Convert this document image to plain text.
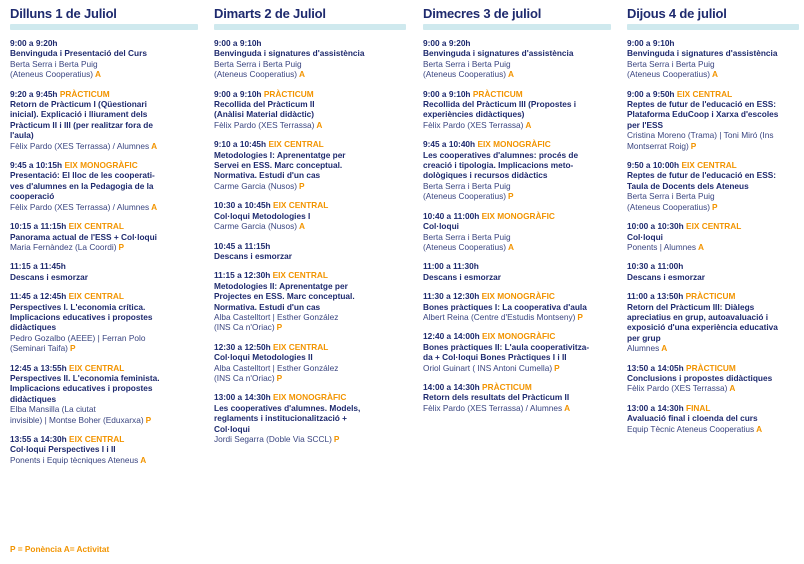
Dilluns 1 de Juliol
9:00 a 9:20h
Benvinguda i Presentació del Curs
Berta Serra i Berta Puig
(Ateneus Cooperatius) A
9:20 a 9:45h PRÀCTICUM
Retorn de Pràcticum I (Qüestionari
inicial). Explicació i lliurament dels
Pràcticum II i III (per realitzar fora de
l'aula)
Fèlix Pardo (XES Terrassa) / Alumnes A
9:45 a 10:15h EIX MONOGRÀFIC
Presentació: El lloc de les cooperati-
ves d'alumnes en la Pedagogia de la
cooperació
Fèlix Pardo (XES Terrassa) / Alumnes A
10:15 a 11:15h EIX CENTRAL
Panorama actual de l'ESS + Col·loqui
Maria Fernàndez (La Coordi) P
11:15 a 11:45h
Descans i esmorzar
11:45 a 12:45h EIX CENTRAL
Perspectives I. L'economia crítica.
Implicacions educatives i propostes
didàctiques
Pedro Gozalbo (AEEE) | Ferran Polo
(Seminari Taifa) P
12:45 a 13:55h EIX CENTRAL
Perspectives II. L'economia feminista.
Implicacions educatives i propostes
didàctiques
Elba Mansilla (La ciutat
invisible) | Montse Boher (Eduxarxa) P
13:55 a 14:30h EIX CENTRAL
Col·loqui Perspectives I i II
Ponents i Equip tècniques Ateneus A
Dimarts 2 de Juliol
9:00 a 9:10h
Benvinguda i signatures d'assistència
Berta Serra i Berta Puig
(Ateneus Cooperatius) A
9:00 a 9:10h PRÀCTICUM
Recollida del Pràcticum II
(Anàlisi Material didàctic)
Fèlix Pardo (XES Terrassa) A
9:10 a 10:45h EIX CENTRAL
Metodologies I: Aprenentatge per
Servei en ESS. Marc conceptual.
Normativa. Estudi d'un cas
Carme Garcia (Nusos) P
10:30 a 10:45h EIX CENTRAL
Col·loqui Metodologies I
Carme Garcia (Nusos) A
10:45 a 11:15h
Descans i esmorzar
11:15 a 12:30h EIX CENTRAL
Metodologies II: Aprenentatge per
Projectes en ESS. Marc conceptual.
Normativa. Estudi d'un cas
Alba Castelltort | Esther González
(INS Ca n'Oriac) P
12:30 a 12:50h EIX CENTRAL
Col·loqui Metodologies II
Alba Castelltort | Esther González
(INS Ca n'Oriac) P
13:00 a 14:30h EIX MONOGRÀFIC
Les cooperatives d'alumnes. Models,
reglaments i institucionalització +
Col·loqui
Jordi Segarra (Doble Via SCCL) P
Dimecres 3 de juliol
9:00 a 9:20h
Benvinguda i signatures d'assistència
Berta Serra i Berta Puig
(Ateneus Cooperatius) A
9:00 a 9:10h PRÀCTICUM
Recollida del Pràcticum III (Propostes i
experiències didàctiques)
Fèlix Pardo (XES Terrassa) A
9:45 a 10:40h EIX MONOGRÀFIC
Les cooperatives d'alumnes: procés de
creació i tipologia. Implicacions meto-
dològiques i recursos didàctics
Berta Serra i Berta Puig
(Ateneus Cooperatius) P
10:40 a 11:00h EIX MONOGRÀFIC
Col·loqui
Berta Serra i Berta Puig
(Ateneus Cooperatius) A
11:00 a 11:30h
Descans i esmorzar
11:30 a 12:30h EIX MONOGRÀFIC
Bones pràctiques I: La cooperativa d'aula
Albert Reina (Centre d'Estudis Montseny) P
12:40 a 14:00h EIX MONOGRÀFIC
Bones pràctiques II: L'aula cooperativitza-
da + Col·loqui Bones Pràctiques I i II
Oriol Guinart ( INS Antoni Cumella) P
14:00 a 14:30h PRÀCTICUM
Retorn dels resultats del Pràcticum II
Fèlix Pardo (XES Terrassa) / Alumnes A
Dijous 4 de juliol
9:00 a 9:10h
Benvinguda i signatures d'assistència
Berta Serra i Berta Puig
(Ateneus Cooperatius) A
9:00 a 9:50h EIX CENTRAL
Reptes de futur de l'educació en ESS:
Plataforma EduCoop i Xarxa d'escoles
per l'ESS
Cristina Moreno (Trama) | Toni Miró (Ins
Montserrat Roig) P
9:50 a 10:00h EIX CENTRAL
Reptes de futur de l'educació en ESS:
Taula de Docents dels Ateneus
Berta Serra i Berta Puig
(Ateneus Cooperatius) P
10:00 a 10:30h EIX CENTRAL
Col·loqui
Ponents | Alumnes A
10:30 a 11:00h
Descans i esmorzar
11:00 a 13:50h PRÀCTICUM
Retorn del Pràcticum III: Diàlegs
apreciatius en grup, autoavaluació i
exposició d'una experiència educativa
per grup
Alumnes A
13:50 a 14:05h PRÀCTICUM
Conclusions i propostes didàctiques
Fèlix Pardo (XES Terrassa) A
13:00 a 14:30h FINAL
Avaluació final i cloenda del curs
Equip Tècnic Ateneus Cooperatius A
P = Ponència A= Activitat
